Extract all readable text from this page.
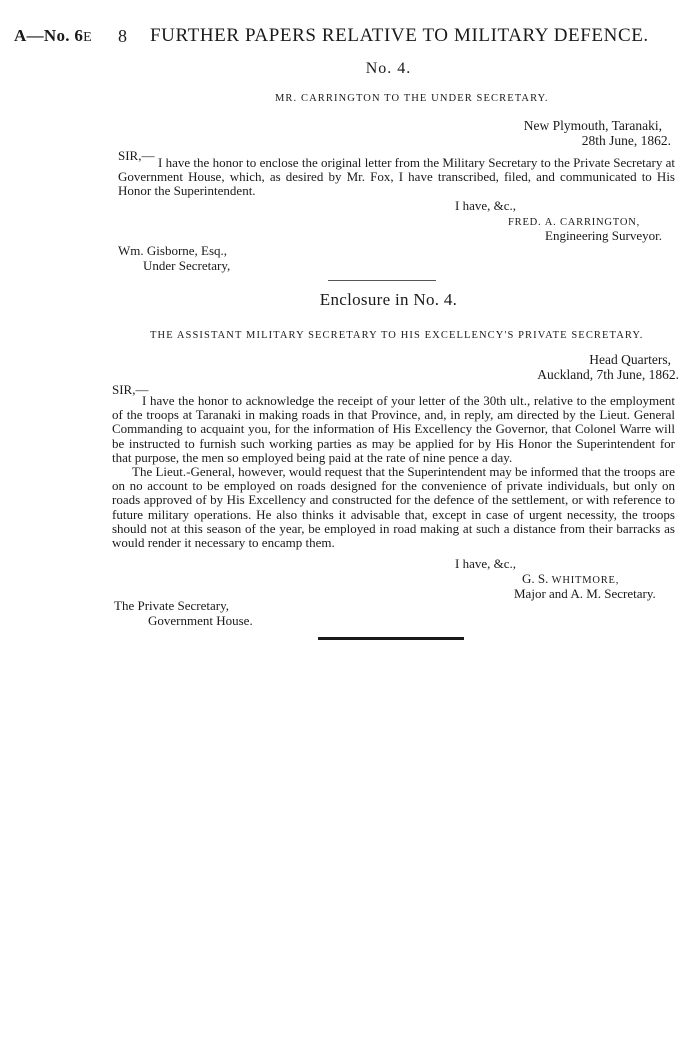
A—No. 6E 8 FURTHER PAPERS RELATIVE TO MILITARY DEFENCE.
No. 4.
MR. CARRINGTON TO THE UNDER SECRETARY.
New Plymouth, Taranaki,
28th June, 1862.
SIR,— I have the honor to enclose the original letter from the Military Secretary to the Private Secretary at Government House, which, as desired by Mr. Fox, I have transcribed, filed, and communicated to His Honor the Superintendent.
I have, &c.,
FRED. A. CARRINGTON,
Engineering Surveyor.
Wm. Gisborne, Esq.,
Under Secretary,
Enclosure in No. 4.
THE ASSISTANT MILITARY SECRETARY TO HIS EXCELLENCY'S PRIVATE SECRETARY.
Head Quarters,
Auckland, 7th June, 1862.
SIR,—

I have the honor to acknowledge the receipt of your letter of the 30th ult., relative to the employment of the troops at Taranaki in making roads in that Province, and, in reply, am directed by the Lieut. General Commanding to acquaint you, for the information of His Excellency the Governor, that Colonel Warre will be instructed to furnish such working parties as may be applied for by His Honor the Superintendent for that purpose, the men so employed being paid at the rate of nine pence a day.

The Lieut.-General, however, would request that the Superintendent may be informed that the troops are on no account to be employed on roads designed for the convenience of private individuals, but only on roads approved of by His Excellency and constructed for the defence of the settlement, or with reference to future military operations. He also thinks it advisable that, except in case of urgent necessity, the troops should not at this season of the year, be employed in road making at such a distance from their barracks as would render it necessary to encamp them.

I have, &c.,
G. S. WHITMORE,
Major and A. M. Secretary.
The Private Secretary,
Government House.
